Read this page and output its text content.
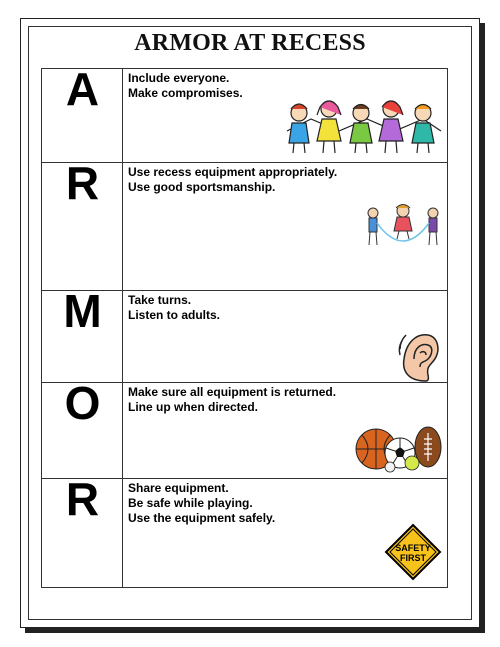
ARMOR AT RECESS
A	Include everyone.
Make compromises.
R	Use recess equipment appropriately.
Use good sportsmanship.
M	Take turns.
Listen to adults.
O	Make sure all equipment is returned.
Line up when directed.
R	Share equipment.
Be safe while playing.
Use the equipment safely.
SAFETY
FIRST
